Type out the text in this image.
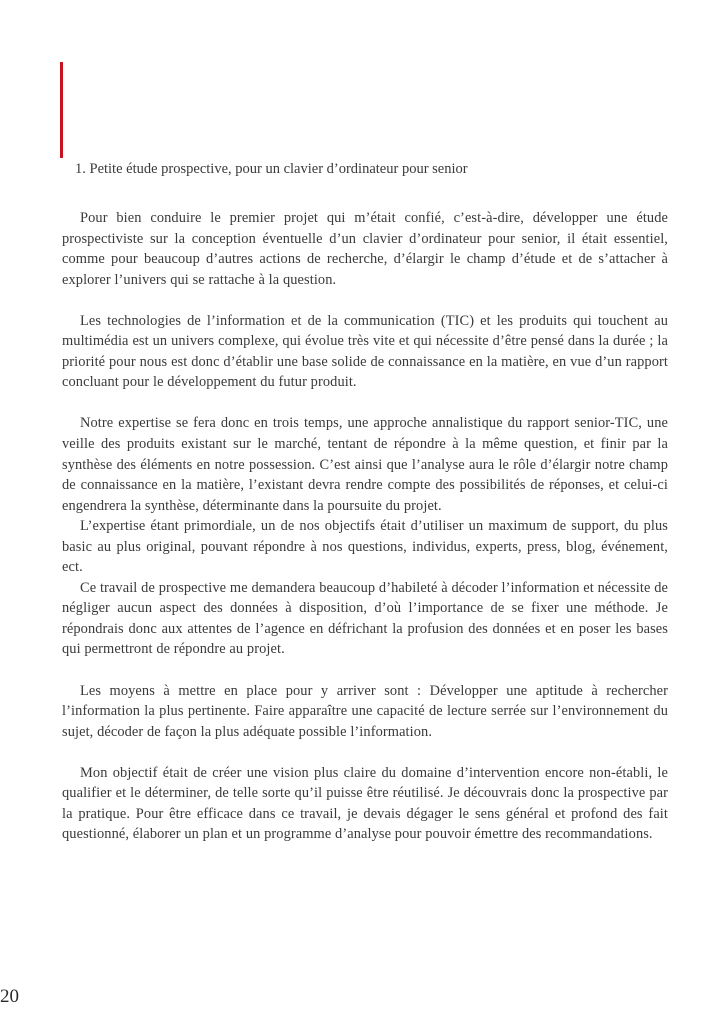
1. Petite étude prospective, pour un clavier d’ordinateur pour senior

Pour bien conduire le premier projet qui m’était confié, c’est-à-dire, développer une étude prospectiviste sur la conception éventuelle d’un clavier d’ordinateur pour senior, il était essentiel, comme pour beaucoup d’autres actions de recherche, d’élargir le champ d’étude et de s’attacher à explorer l’univers qui se rattache à la question.

Les technologies de l’information et de la communication (TIC) et les produits qui touchent au multimédia est un univers complexe, qui évolue très vite et qui nécessite d’être pensé dans la durée ; la priorité pour nous est donc d’établir une base solide de connaissance en la matière, en vue d’un rapport concluant pour le développement du futur produit.

Notre expertise se fera donc en trois temps, une approche annalistique du rapport senior-TIC, une veille des produits existant sur le marché, tentant de répondre à la même question, et finir par la synthèse des éléments en notre possession. C’est ainsi que l’analyse aura le rôle d’élargir notre champ de connaissance en la matière, l’existant devra rendre compte des possibilités de réponses, et celui-ci engendrera la synthèse, déterminante dans la poursuite du projet.

L’expertise étant primordiale, un de nos objectifs était d’utiliser un maximum de support, du plus basic au plus original, pouvant répondre à nos questions, individus, experts, press, blog, événement, ect.

Ce travail de prospective me demandera beaucoup d’habileté à décoder l’information et nécessite de négliger aucun aspect des données à disposition, d’où l’importance de se fixer une méthode. Je répondrais donc aux attentes de l’agence en défrichant la profusion des données et en poser les bases qui permettront de répondre au projet.

Les moyens à mettre en place pour y arriver sont : Développer une aptitude à rechercher l’information la plus pertinente. Faire apparaître une capacité de lecture serrée sur l’environnement du sujet, décoder de façon la plus adéquate possible l’information.

Mon objectif était de créer une vision plus claire du domaine d’intervention encore non-établi, le qualifier et le déterminer, de telle sorte qu’il puisse être réutilisé. Je découvrais donc la prospective par la pratique. Pour être efficace dans ce travail, je devais dégager le sens général et profond des fait questionné, élaborer un plan et un programme d’analyse pour pouvoir émettre des recommandations.

20
